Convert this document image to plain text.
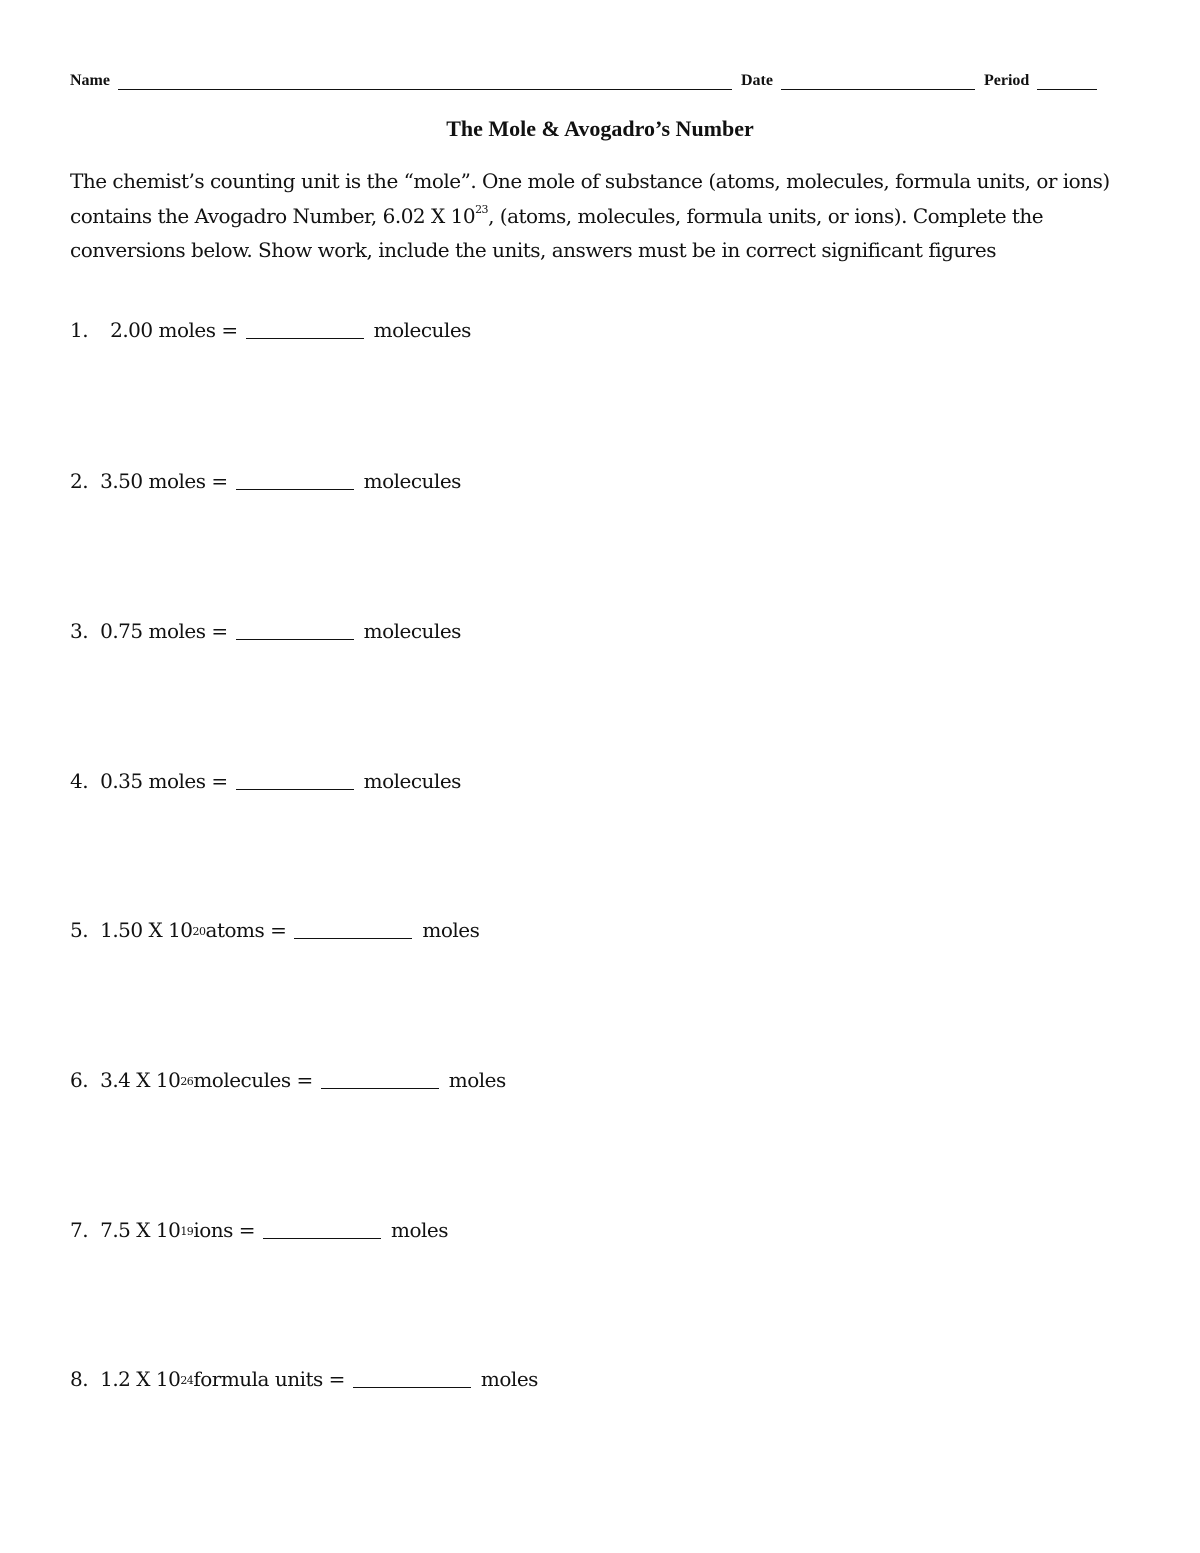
Name	Date	Period
The Mole & Avogadro’s Number
The chemist’s counting unit is the “mole”. One mole of substance (atoms, molecules, formula units, or ions) contains the Avogadro Number, 6.02 X $10^{23}$, (atoms, molecules, formula units, or ions). Complete the conversions below. Show work, include the units, answers must be in correct significant figures
1. 2.00 moles =	molecules
2. 3.50 moles =	molecules
3. 0.75 moles =	molecules
4. 0.35 moles =	molecules
5. 1.50 X $10^{20}$ atoms =	moles
6. 3.4 X $10^{26}$ molecules =	moles
7. 7.5 X $10^{19}$ ions =	moles
8. 1.2 X $10^{24}$ formula units =	moles
